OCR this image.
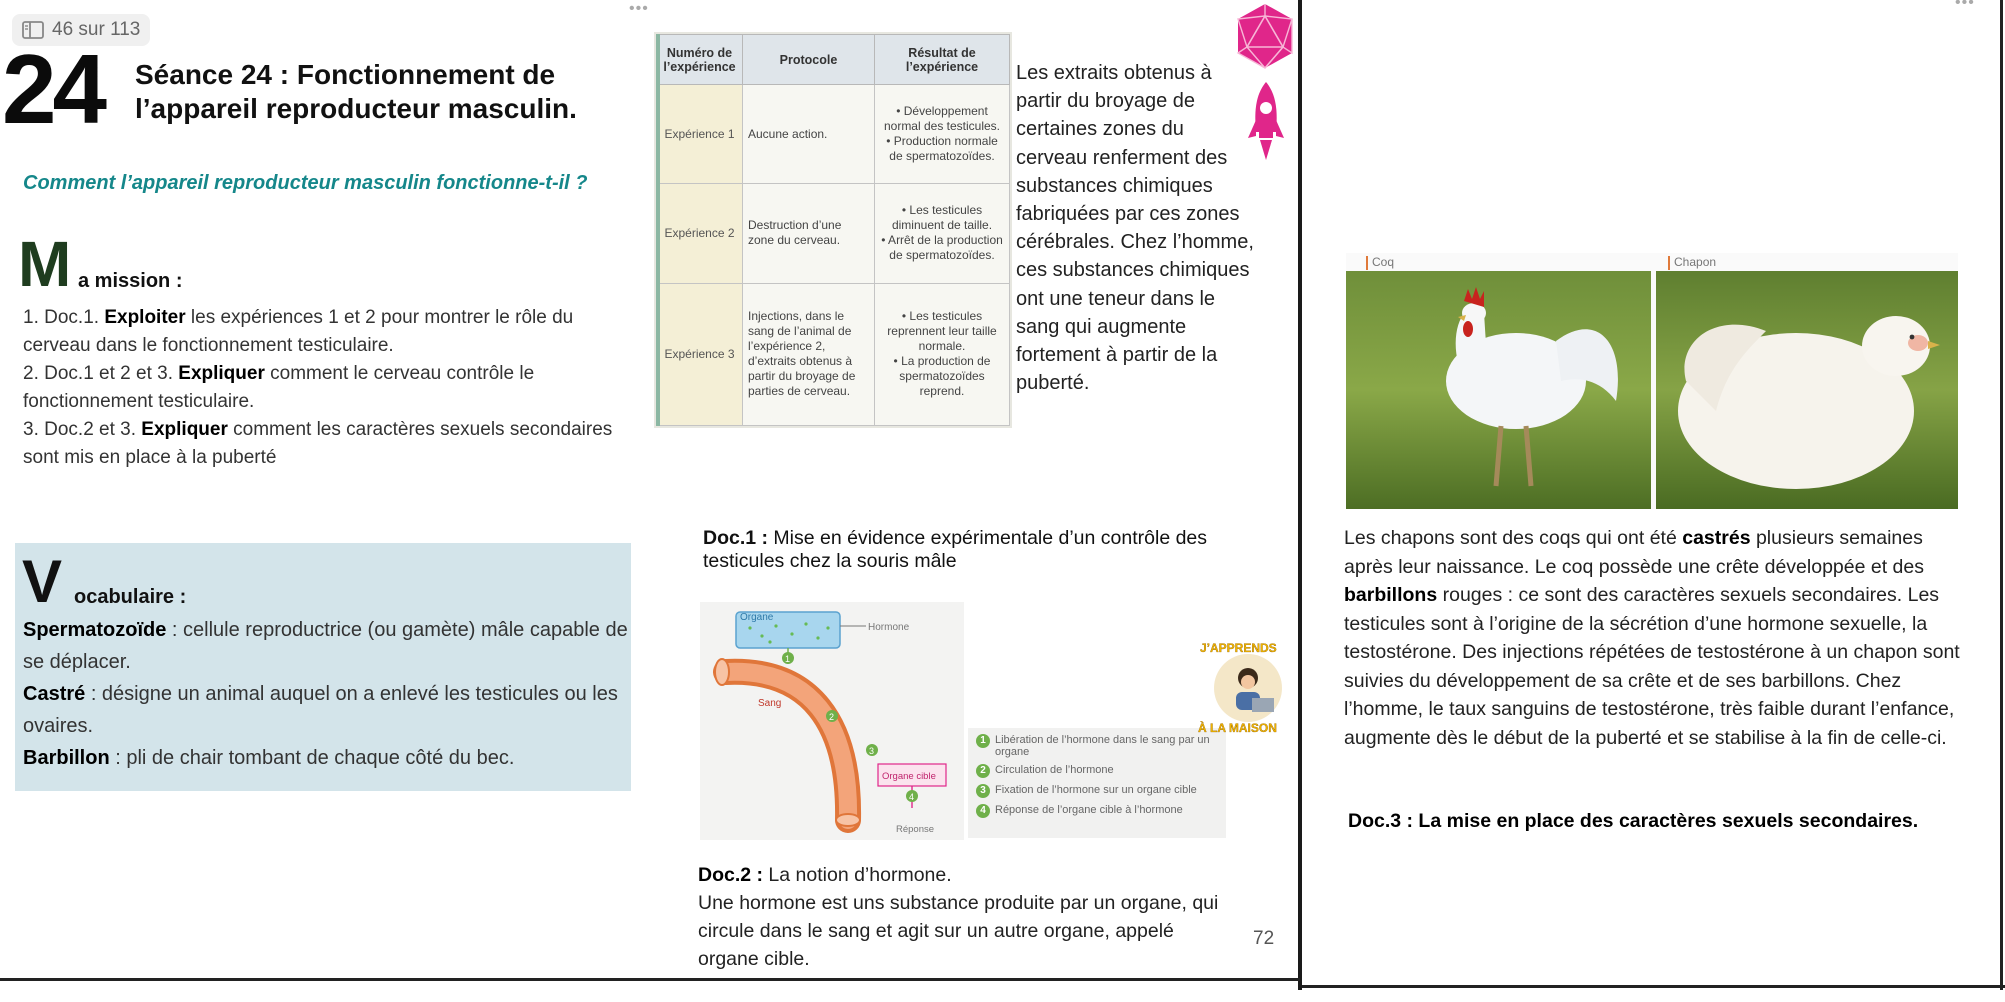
•••	•••
46 sur 113
24 Séance 24 : Fonctionnement de
l’appareil reproducteur masculin.
Comment l’appareil reproducteur masculin fonctionne-t-il ?
M a mission :
1. Doc.1. Exploiter les expériences 1 et 2 pour montrer le rôle du cerveau dans le fonctionnement testiculaire.
2. Doc.1 et 2 et 3. Expliquer comment le cerveau contrôle le fonctionnement testiculaire.
3. Doc.2 et 3. Expliquer comment les caractères sexuels secondaires sont mis en place à la puberté
V ocabulaire :
Spermatozoïde : cellule reproductrice (ou gamète) mâle capable de se déplacer.
Castré : désigne un animal auquel on a enlevé les testicules ou les ovaires.
Barbillon : pli de chair tombant de chaque côté du bec.
Numéro de l’expérience	Protocole	Résultat de l’expérience
Expérience 1	Aucune action.	• Développement normal des testicules.
• Production normale de spermatozoïdes.

Expérience 2	Destruction d’une zone du cerveau.	• Les testicules diminuent de taille.
• Arrêt de la production de spermatozoïdes.

Expérience 3	Injections, dans le sang de l’animal de l’expérience 2, d’extraits obtenus à partir du broyage de parties de cerveau.	• Les testicules reprennent leur taille normale.
• La production de spermatozoïdes reprend.
Les extraits obtenus à partir du broyage de certaines zones du cerveau renferment des substances chimiques fabriquées par ces zones cérébrales. Chez l’homme, ces substances chimiques ont une teneur dans le sang qui augmente fortement à partir de la puberté.
Doc.1 : Mise en évidence expérimentale d’un contrôle des testicules chez la souris mâle
Organe
Hormone
Sang
1
2
3
Organe cible
4
Réponse
1 Libération de l’hormone dans le sang par un organe
2 Circulation de l’hormone
3 Fixation de l’hormone sur un organe cible
4 Réponse de l’organe cible à l’hormone
J’APPRENDS
À LA MAISON
Doc.2 : La notion d’hormone.
Une hormone est uns substance produite par un organe, qui circule dans le sang et agit sur un autre organe, appelé organe cible.
72
Coq	Chapon
Les chapons sont des coqs qui ont été castrés plusieurs semaines après leur naissance. Le coq possède une crête développée et des barbillons rouges : ce sont des caractères sexuels secondaires. Les testicules sont à l’origine de la sécrétion d’une hormone sexuelle, la testostérone. Des injections répétées de testostérone à un chapon sont suivies du développement de sa crête et de ses barbillons. Chez l’homme, le taux sanguins de testostérone, très faible durant l’enfance, augmente dès le début de la puberté et se stabilise à la fin de celle-ci.
Doc.3 : La mise en place des caractères sexuels secondaires.
